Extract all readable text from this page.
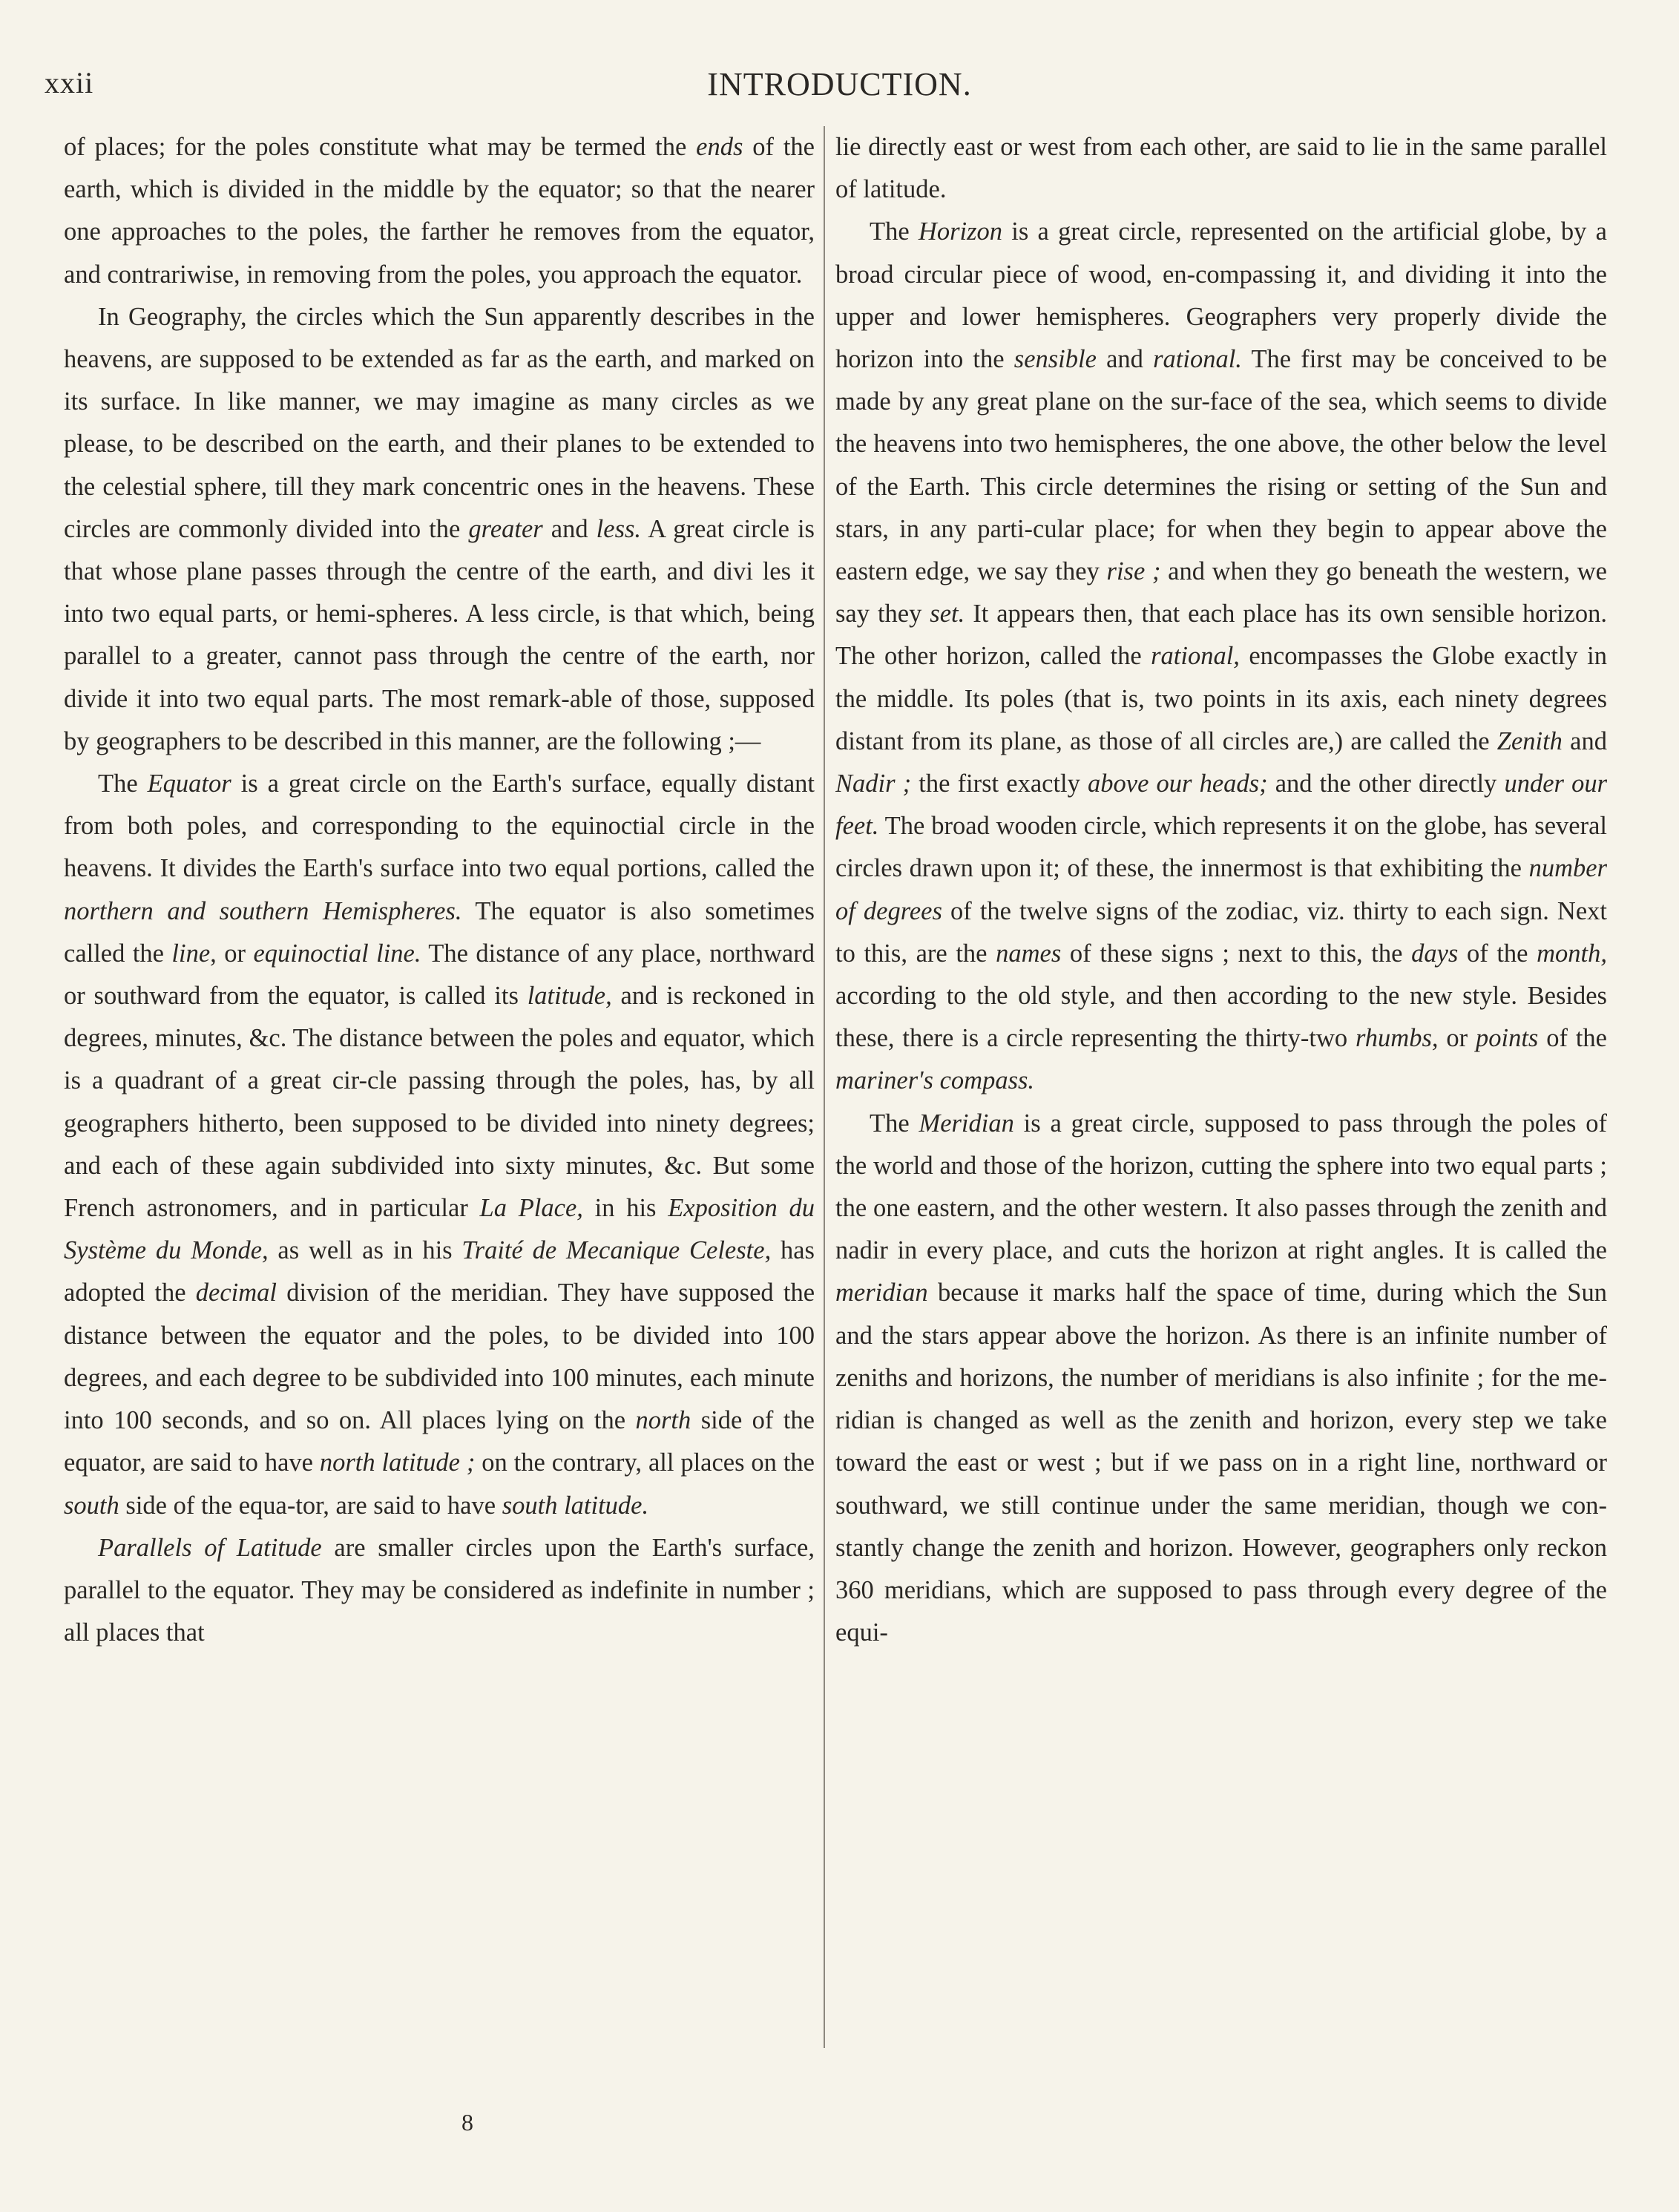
xxii	INTRODUCTION.

of places; for the poles constitute what may be termed the ends of the earth, which is divided in the middle by the equator; so that the nearer one approaches to the poles, the farther he removes from the equator, and contrariwise, in removing from the poles, you approach the equator.

In Geography, the circles which the Sun apparently describes in the heavens, are supposed to be extended as far as the earth, and marked on its surface. In like manner, we may imagine as many circles as we please, to be described on the earth, and their planes to be extended to the celestial sphere, till they mark concentric ones in the heavens. These circles are commonly divided into the greater and less. A great circle is that whose plane passes through the centre of the earth, and divi les it into two equal parts, or hemi-spheres. A less circle, is that which, being parallel to a greater, cannot pass through the centre of the earth, nor divide it into two equal parts. The most remark-able of those, supposed by geographers to be described in this manner, are the following ;—

The Equator is a great circle on the Earth's surface, equally distant from both poles, and corresponding to the equinoctial circle in the heavens. It divides the Earth's surface into two equal portions, called the northern and southern Hemispheres. The equator is also sometimes called the line, or equinoctial line. The distance of any place, northward or southward from the equator, is called its latitude, and is reckoned in degrees, minutes, &c. The distance between the poles and equator, which is a quadrant of a great cir-cle passing through the poles, has, by all geographers hitherto, been supposed to be divided into ninety degrees; and each of these again subdivided into sixty minutes, &c. But some French astronomers, and in particular La Place, in his Exposition du Système du Monde, as well as in his Traité de Mecanique Celeste, has adopted the decimal division of the meridian. They have supposed the distance between the equator and the poles, to be divided into 100 degrees, and each degree to be subdivided into 100 minutes, each minute into 100 seconds, and so on. All places lying on the north side of the equator, are said to have north latitude ; on the contrary, all places on the south side of the equa-tor, are said to have south latitude.

Parallels of Latitude are smaller circles upon the Earth's surface, parallel to the equator. They may be considered as indefinite in number ; all places that

lie directly east or west from each other, are said to lie in the same parallel of latitude.

The Horizon is a great circle, represented on the artificial globe, by a broad circular piece of wood, en-compassing it, and dividing it into the upper and lower hemispheres. Geographers very properly divide the horizon into the sensible and rational. The first may be conceived to be made by any great plane on the sur-face of the sea, which seems to divide the heavens into two hemispheres, the one above, the other below the level of the Earth. This circle determines the rising or setting of the Sun and stars, in any parti-cular place; for when they begin to appear above the eastern edge, we say they rise ; and when they go beneath the western, we say they set. It appears then, that each place has its own sensible horizon. The other horizon, called the rational, encompasses the Globe exactly in the middle. Its poles (that is, two points in its axis, each ninety degrees distant from its plane, as those of all circles are,) are called the Zenith and Nadir ; the first exactly above our heads; and the other directly under our feet. The broad wooden circle, which represents it on the globe, has several circles drawn upon it; of these, the innermost is that exhibiting the number of degrees of the twelve signs of the zodiac, viz. thirty to each sign. Next to this, are the names of these signs ; next to this, the days of the month, according to the old style, and then according to the new style. Besides these, there is a circle representing the thirty-two rhumbs, or points of the mariner's compass.

The Meridian is a great circle, supposed to pass through the poles of the world and those of the horizon, cutting the sphere into two equal parts ; the one eastern, and the other western. It also passes through the zenith and nadir in every place, and cuts the horizon at right angles. It is called the meridian because it marks half the space of time, during which the Sun and the stars appear above the horizon. As there is an infinite number of zeniths and horizons, the number of meridians is also infinite ; for the me-ridian is changed as well as the zenith and horizon, every step we take toward the east or west ; but if we pass on in a right line, northward or southward, we still continue under the same meridian, though we con-stantly change the zenith and horizon. However, geographers only reckon 360 meridians, which are supposed to pass through every degree of the equi-

8
